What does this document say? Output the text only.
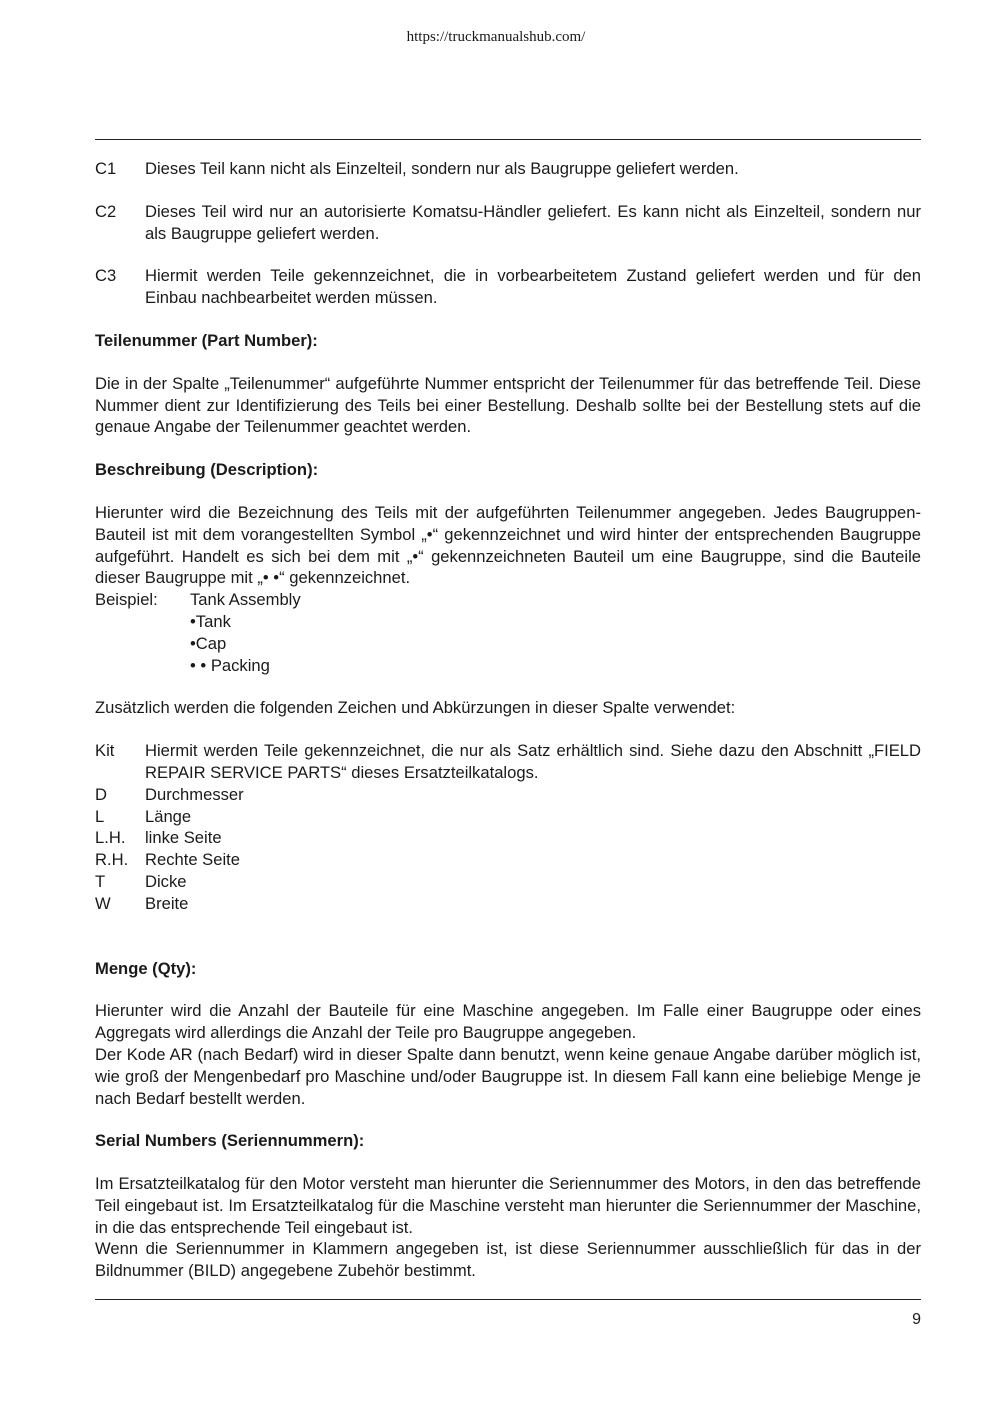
https://truckmanualshub.com/
C1	Dieses Teil kann nicht als Einzelteil, sondern nur als Baugruppe geliefert werden.

C2	Dieses Teil wird nur an autorisierte Komatsu-Händler geliefert. Es kann nicht als Einzelteil, sondern nur als Baugruppe geliefert werden.

C3	Hiermit werden Teile gekennzeichnet, die in vorbearbeitetem Zustand geliefert werden und für den Einbau nachbearbeitet werden müssen.

Teilenummer (Part Number):

Die in der Spalte „Teilenummer“ aufgeführte Nummer entspricht der Teilenummer für das betreffende Teil. Diese Nummer dient zur Identifizierung des Teils bei einer Bestellung. Deshalb sollte bei der Bestellung stets auf die genaue Angabe der Teilenummer geachtet werden.

Beschreibung (Description):

Hierunter wird die Bezeichnung des Teils mit der aufgeführten Teilenummer angegeben. Jedes Baugruppen-Bauteil ist mit dem vorangestellten Symbol „•“ gekennzeichnet und wird hinter der entsprechenden Baugruppe aufgeführt. Handelt es sich bei dem mit „•“ gekennzeichneten Bauteil um eine Baugruppe, sind die Bauteile dieser Baugruppe mit „• •“ gekennzeichnet.

Beispiel:	Tank Assembly

•Tank

•Cap

• • Packing

Zusätzlich werden die folgenden Zeichen und Abkürzungen in dieser Spalte verwendet:

Kit	Hiermit werden Teile gekennzeichnet, die nur als Satz erhältlich sind. Siehe dazu den Abschnitt „FIELD REPAIR SERVICE PARTS“ dieses Ersatzteilkatalogs.

D	Durchmesser

L	Länge

L.H.	linke Seite

R.H.	Rechte Seite

T	Dicke

W	Breite

Menge (Qty):

Hierunter wird die Anzahl der Bauteile für eine Maschine angegeben. Im Falle einer Baugruppe oder eines Aggregats wird allerdings die Anzahl der Teile pro Baugruppe angegeben.

Der Kode AR (nach Bedarf) wird in dieser Spalte dann benutzt, wenn keine genaue Angabe darüber möglich ist, wie groß der Mengenbedarf pro Maschine und/oder Baugruppe ist. In diesem Fall kann eine beliebige Menge je nach Bedarf bestellt werden.

Serial Numbers (Seriennummern):

Im Ersatzteilkatalog für den Motor versteht man hierunter die Seriennummer des Motors, in den das betreffende Teil eingebaut ist. Im Ersatzteilkatalog für die Maschine versteht man hierunter die Seriennummer der Maschine, in die das entsprechende Teil eingebaut ist.

Wenn die Seriennummer in Klammern angegeben ist, ist diese Seriennummer ausschließlich für das in der Bildnummer (BILD) angegebene Zubehör bestimmt.

9
